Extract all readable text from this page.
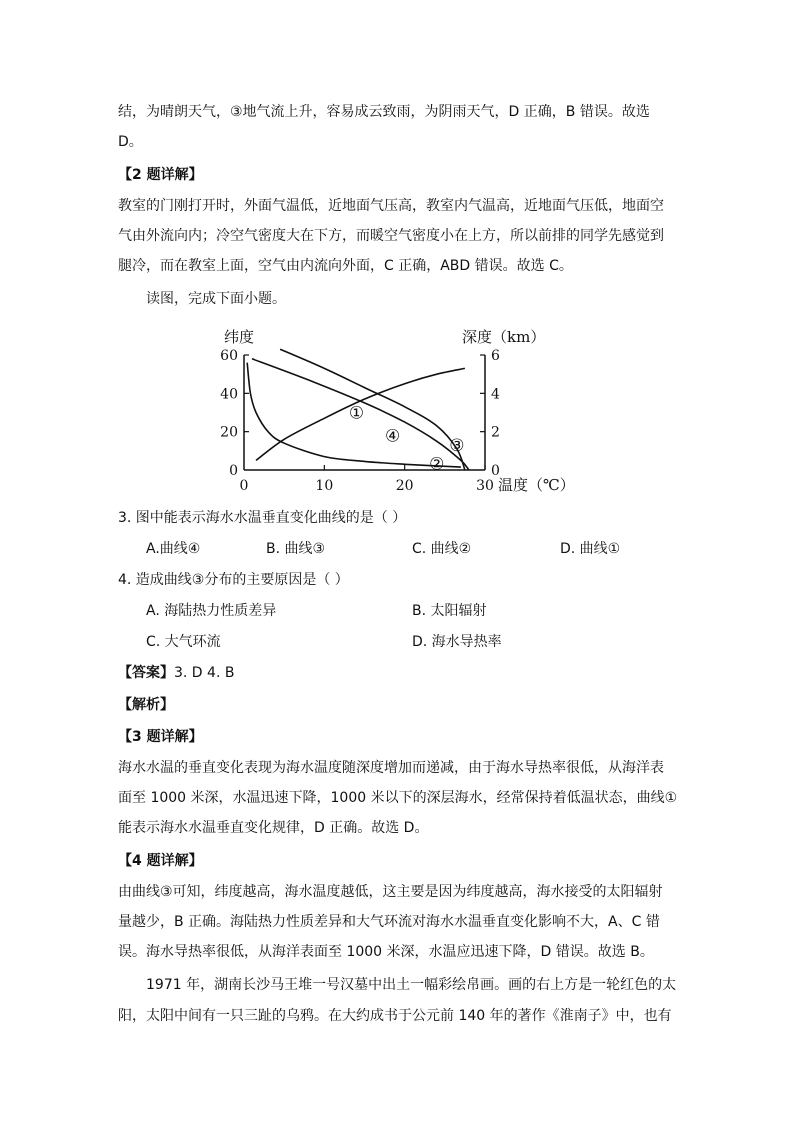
结，为晴朗天气，③地气流上升，容易成云致雨，为阴雨天气，D 正确，B 错误。故选
D。
【2 题详解】
教室的门刚打开时，外面气温低，近地面气压高，教室内气温高，近地面气压低，地面空
气由外流向内；冷空气密度大在下方，而暖空气密度小在上方，所以前排的同学先感觉到
腿冷，而在教室上面，空气由内流向外面，C 正确，ABD 错误。故选 C。
读图，完成下面小题。
纬度	深度（km）
温度（℃）
0	10	20	30
0
20
40
60
0
2
4
6
①
②
③
④
3. 图中能表示海水水温垂直变化曲线的是（ ）
A.曲线④	B. 曲线③	C. 曲线②	D. 曲线①
4. 造成曲线③分布的主要原因是（ ）
A. 海陆热力性质差异	B. 太阳辐射
C. 大气环流	D. 海水导热率
【答案】3. D 4. B
【解析】
【3 题详解】
海水水温的垂直变化表现为海水温度随深度增加而递减，由于海水导热率很低，从海洋表
面至 1000 米深，水温迅速下降，1000 米以下的深层海水，经常保持着低温状态，曲线①
能表示海水水温垂直变化规律，D 正确。故选 D。
【4 题详解】
由曲线③可知，纬度越高，海水温度越低，这主要是因为纬度越高，海水接受的太阳辐射
量越少，B 正确。海陆热力性质差异和大气环流对海水水温垂直变化影响不大，A、C 错
误。海水导热率很低，从海洋表面至 1000 米深，水温应迅速下降，D 错误。故选 B。
1971 年，湖南长沙马王堆一号汉墓中出土一幅彩绘帛画。画的右上方是一轮红色的太
阳，太阳中间有一只三趾的乌鸦。在大约成书于公元前 140 年的著作《淮南子》中，也有
